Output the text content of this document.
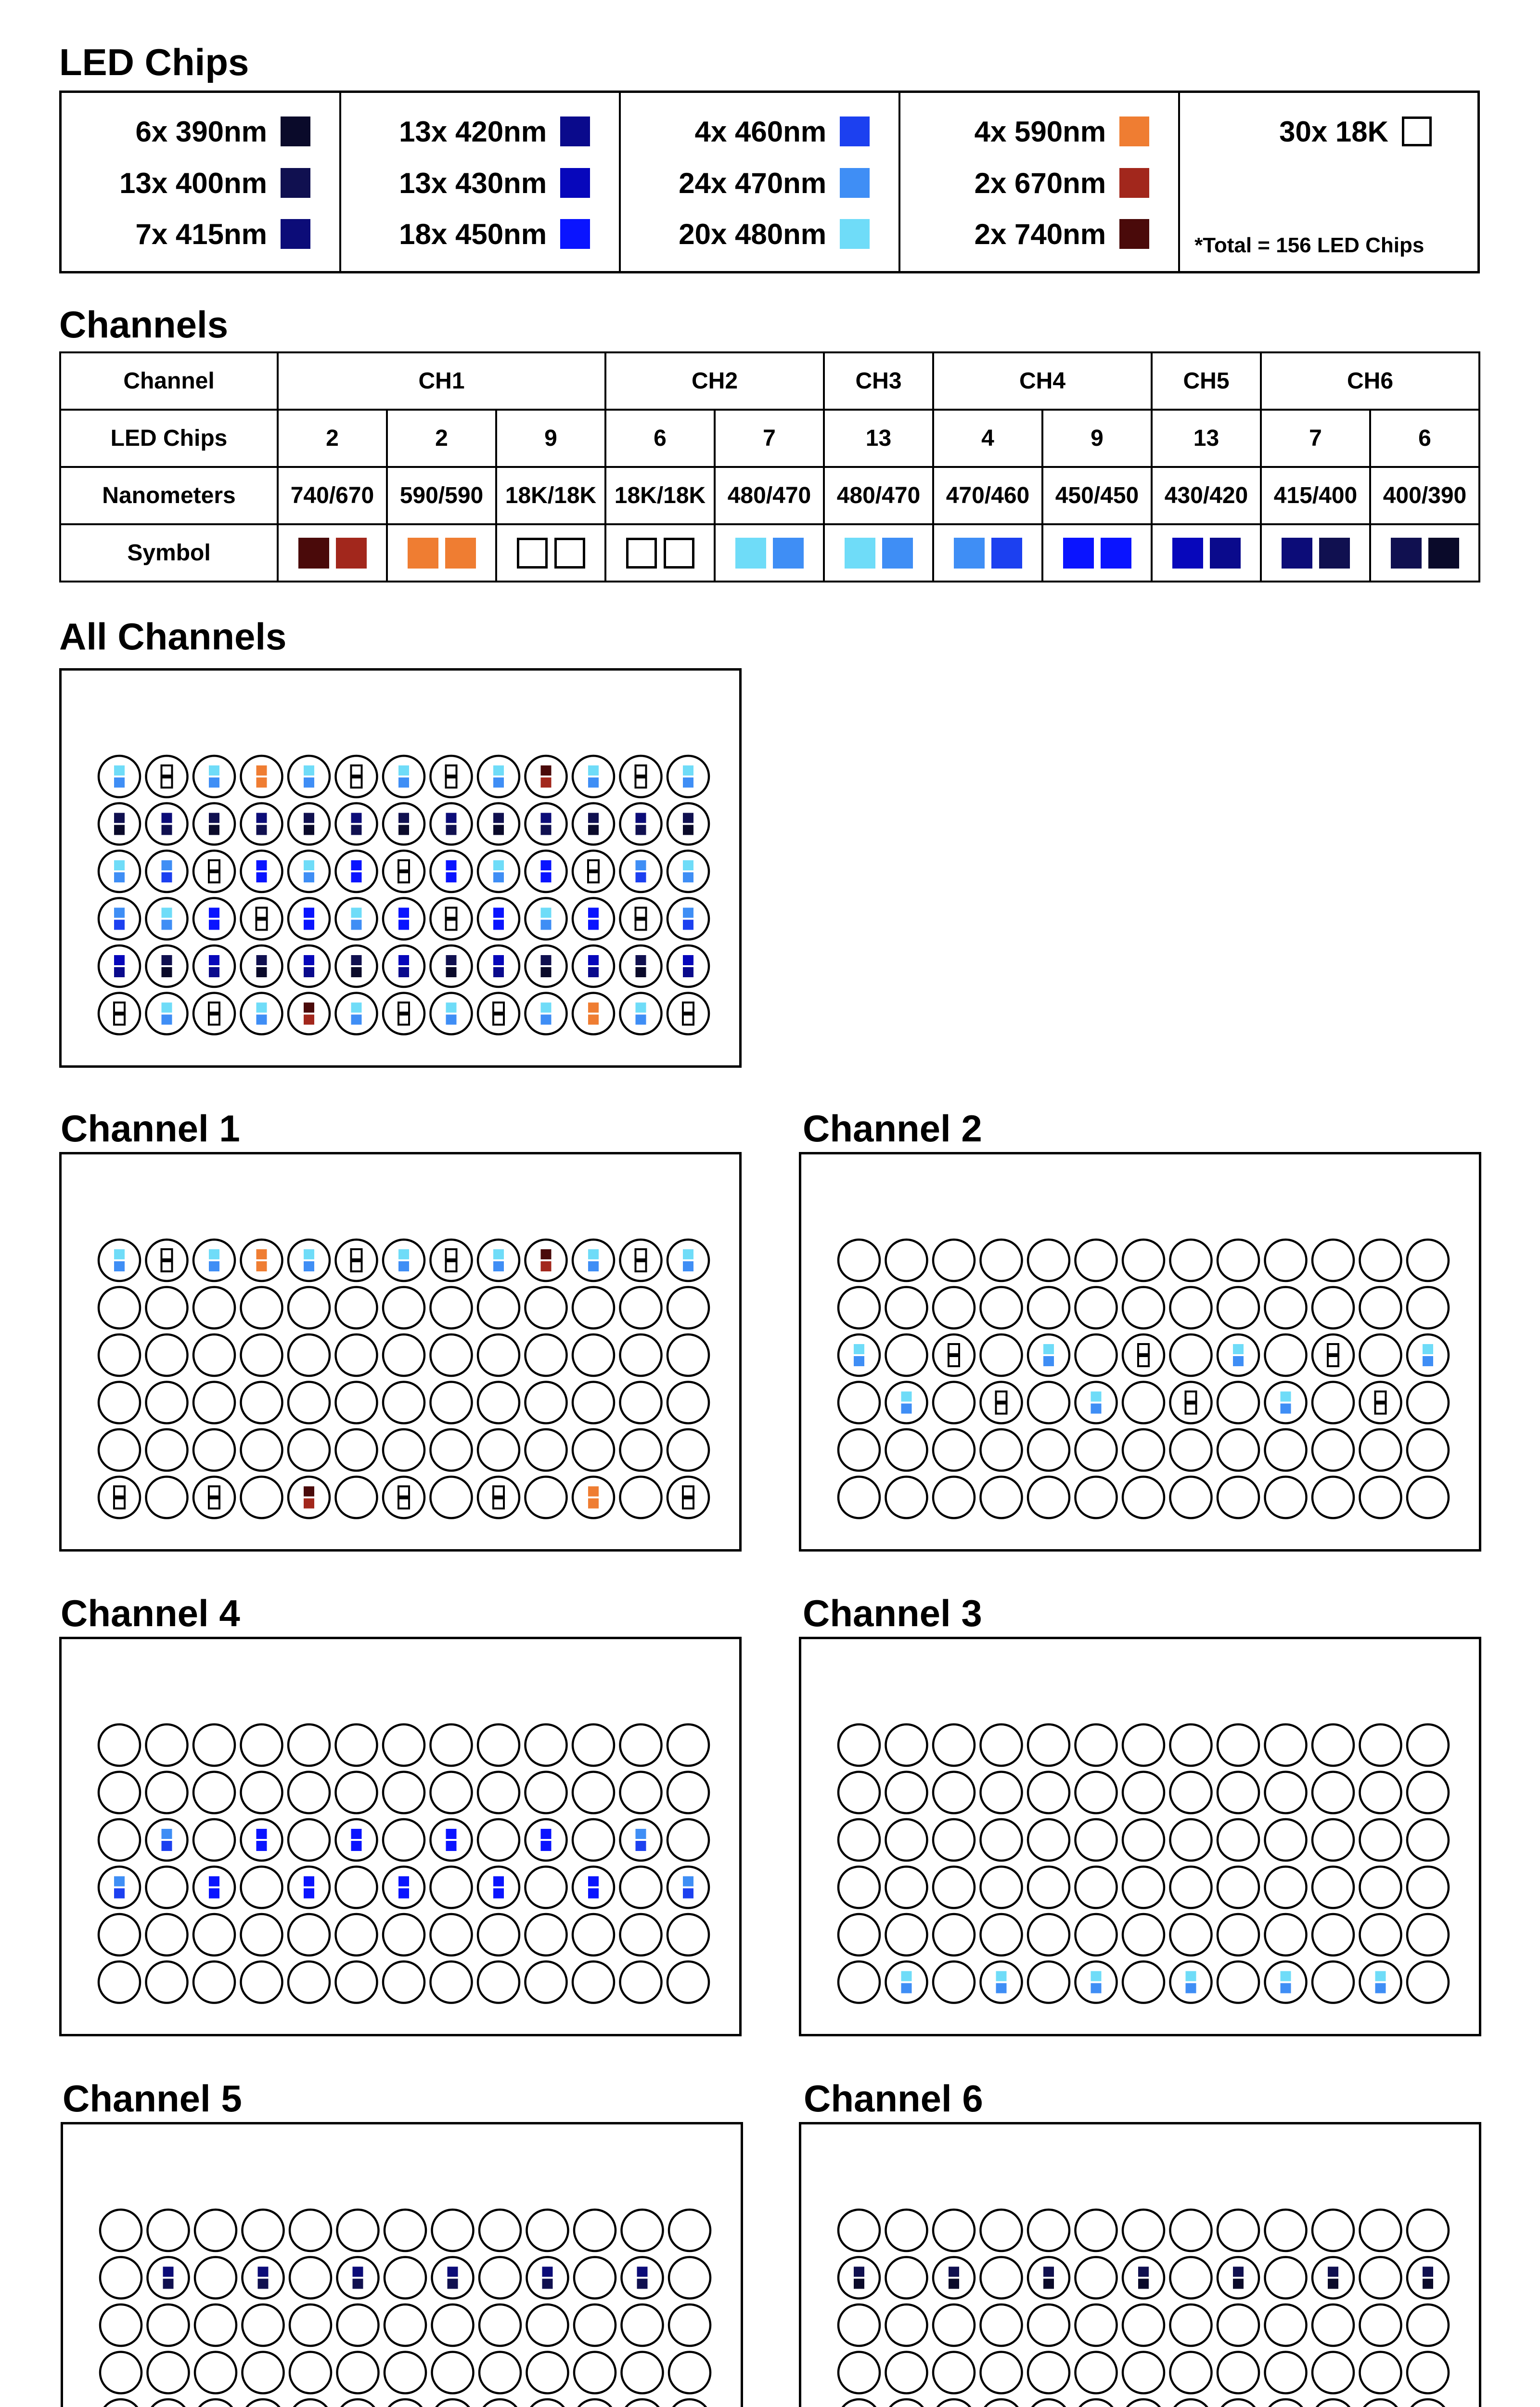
LED Chips
Channels
All Channels
6x 390nm
13x 400nm
7x 415nm
13x 420nm
13x 430nm
18x 450nm
4x 460nm
24x 470nm
20x 480nm
4x 590nm
2x 670nm
2x 740nm
30x 18K
*Total = 156 LED Chips
Channel	CH1			CH2		CH3	CH4		CH5	CH6	
LED Chips	2	2	9	6	7	13	4	9	13	7	6
Nanometers	740/670	590/590	18K/18K	18K/18K	480/470	480/470	470/460	450/450	430/420	415/400	400/390
Symbol	

Channel 1	Channel 2
Channel 4	Channel 3
Channel 5	Channel 6
